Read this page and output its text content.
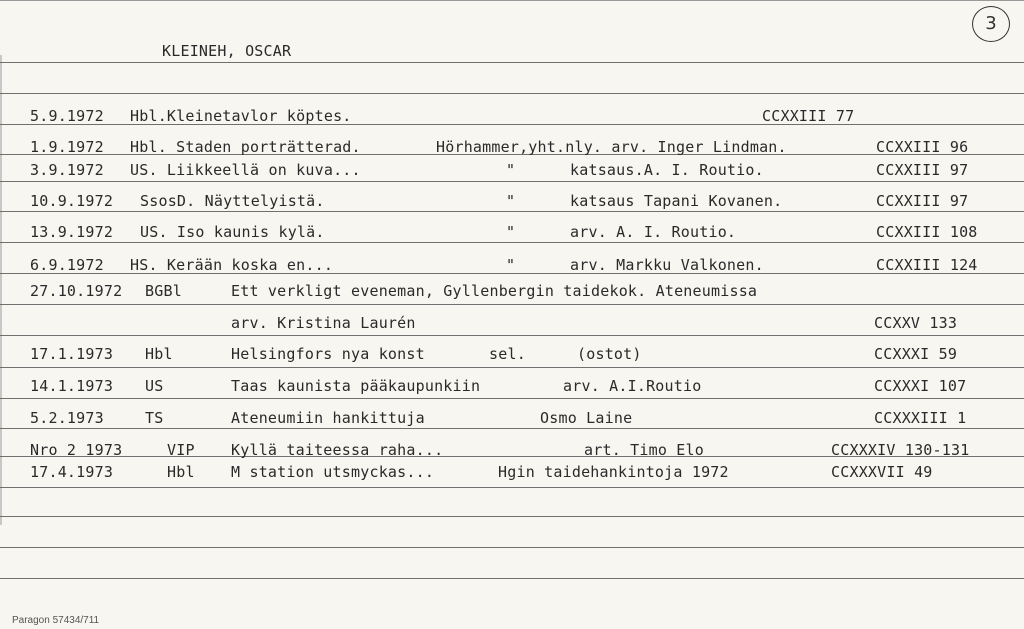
KLEINEH, OSCAR
3
5.9.1972 Hbl.Kleinetavlor köptes.	CCXXIII 77
1.9.1972 Hbl. Staden porträtterad.	Hörhammer,yht.nly. arv. Inger Lindman.	CCXXIII 96
3.9.1972 US. Liikkeellä on kuva...	"	katsaus.A. I. Routio.	CCXXIII 97
10.9.1972 SsosD. Näyttelyistä.	"	katsaus Tapani Kovanen.	CCXXIII 97
13.9.1972 US. Iso kaunis kylä.	"	arv. A. I. Routio.	CCXXIII 108
6.9.1972 HS. Kerään koska en...	"	arv. Markku Valkonen.	CCXXIII 124
27.10.1972 BGBl	Ett verkligt eveneman, Gyllenbergin taidekok. Ateneumissa
arv. Kristina Laurén	CCXXV 133
17.1.1973 Hbl	Helsingfors nya konst	sel.	(ostot)	CCXXXI 59
14.1.1973 US	Taas kaunista pääkaupunkiin	arv. A.I.Routio	CCXXXI 107
5.2.1973	TS	Ateneumiin hankittuja	Osmo Laine	CCXXXIII 1
Nro 2 1973	VIP Kyllä taiteessa raha...	art. Timo Elo	CCXXXIV 130-131
17.4.1973	Hbl M station utsmyckas...	Hgin taidehankintoja 1972	CCXXXVII 49
Paragon 57434/711
